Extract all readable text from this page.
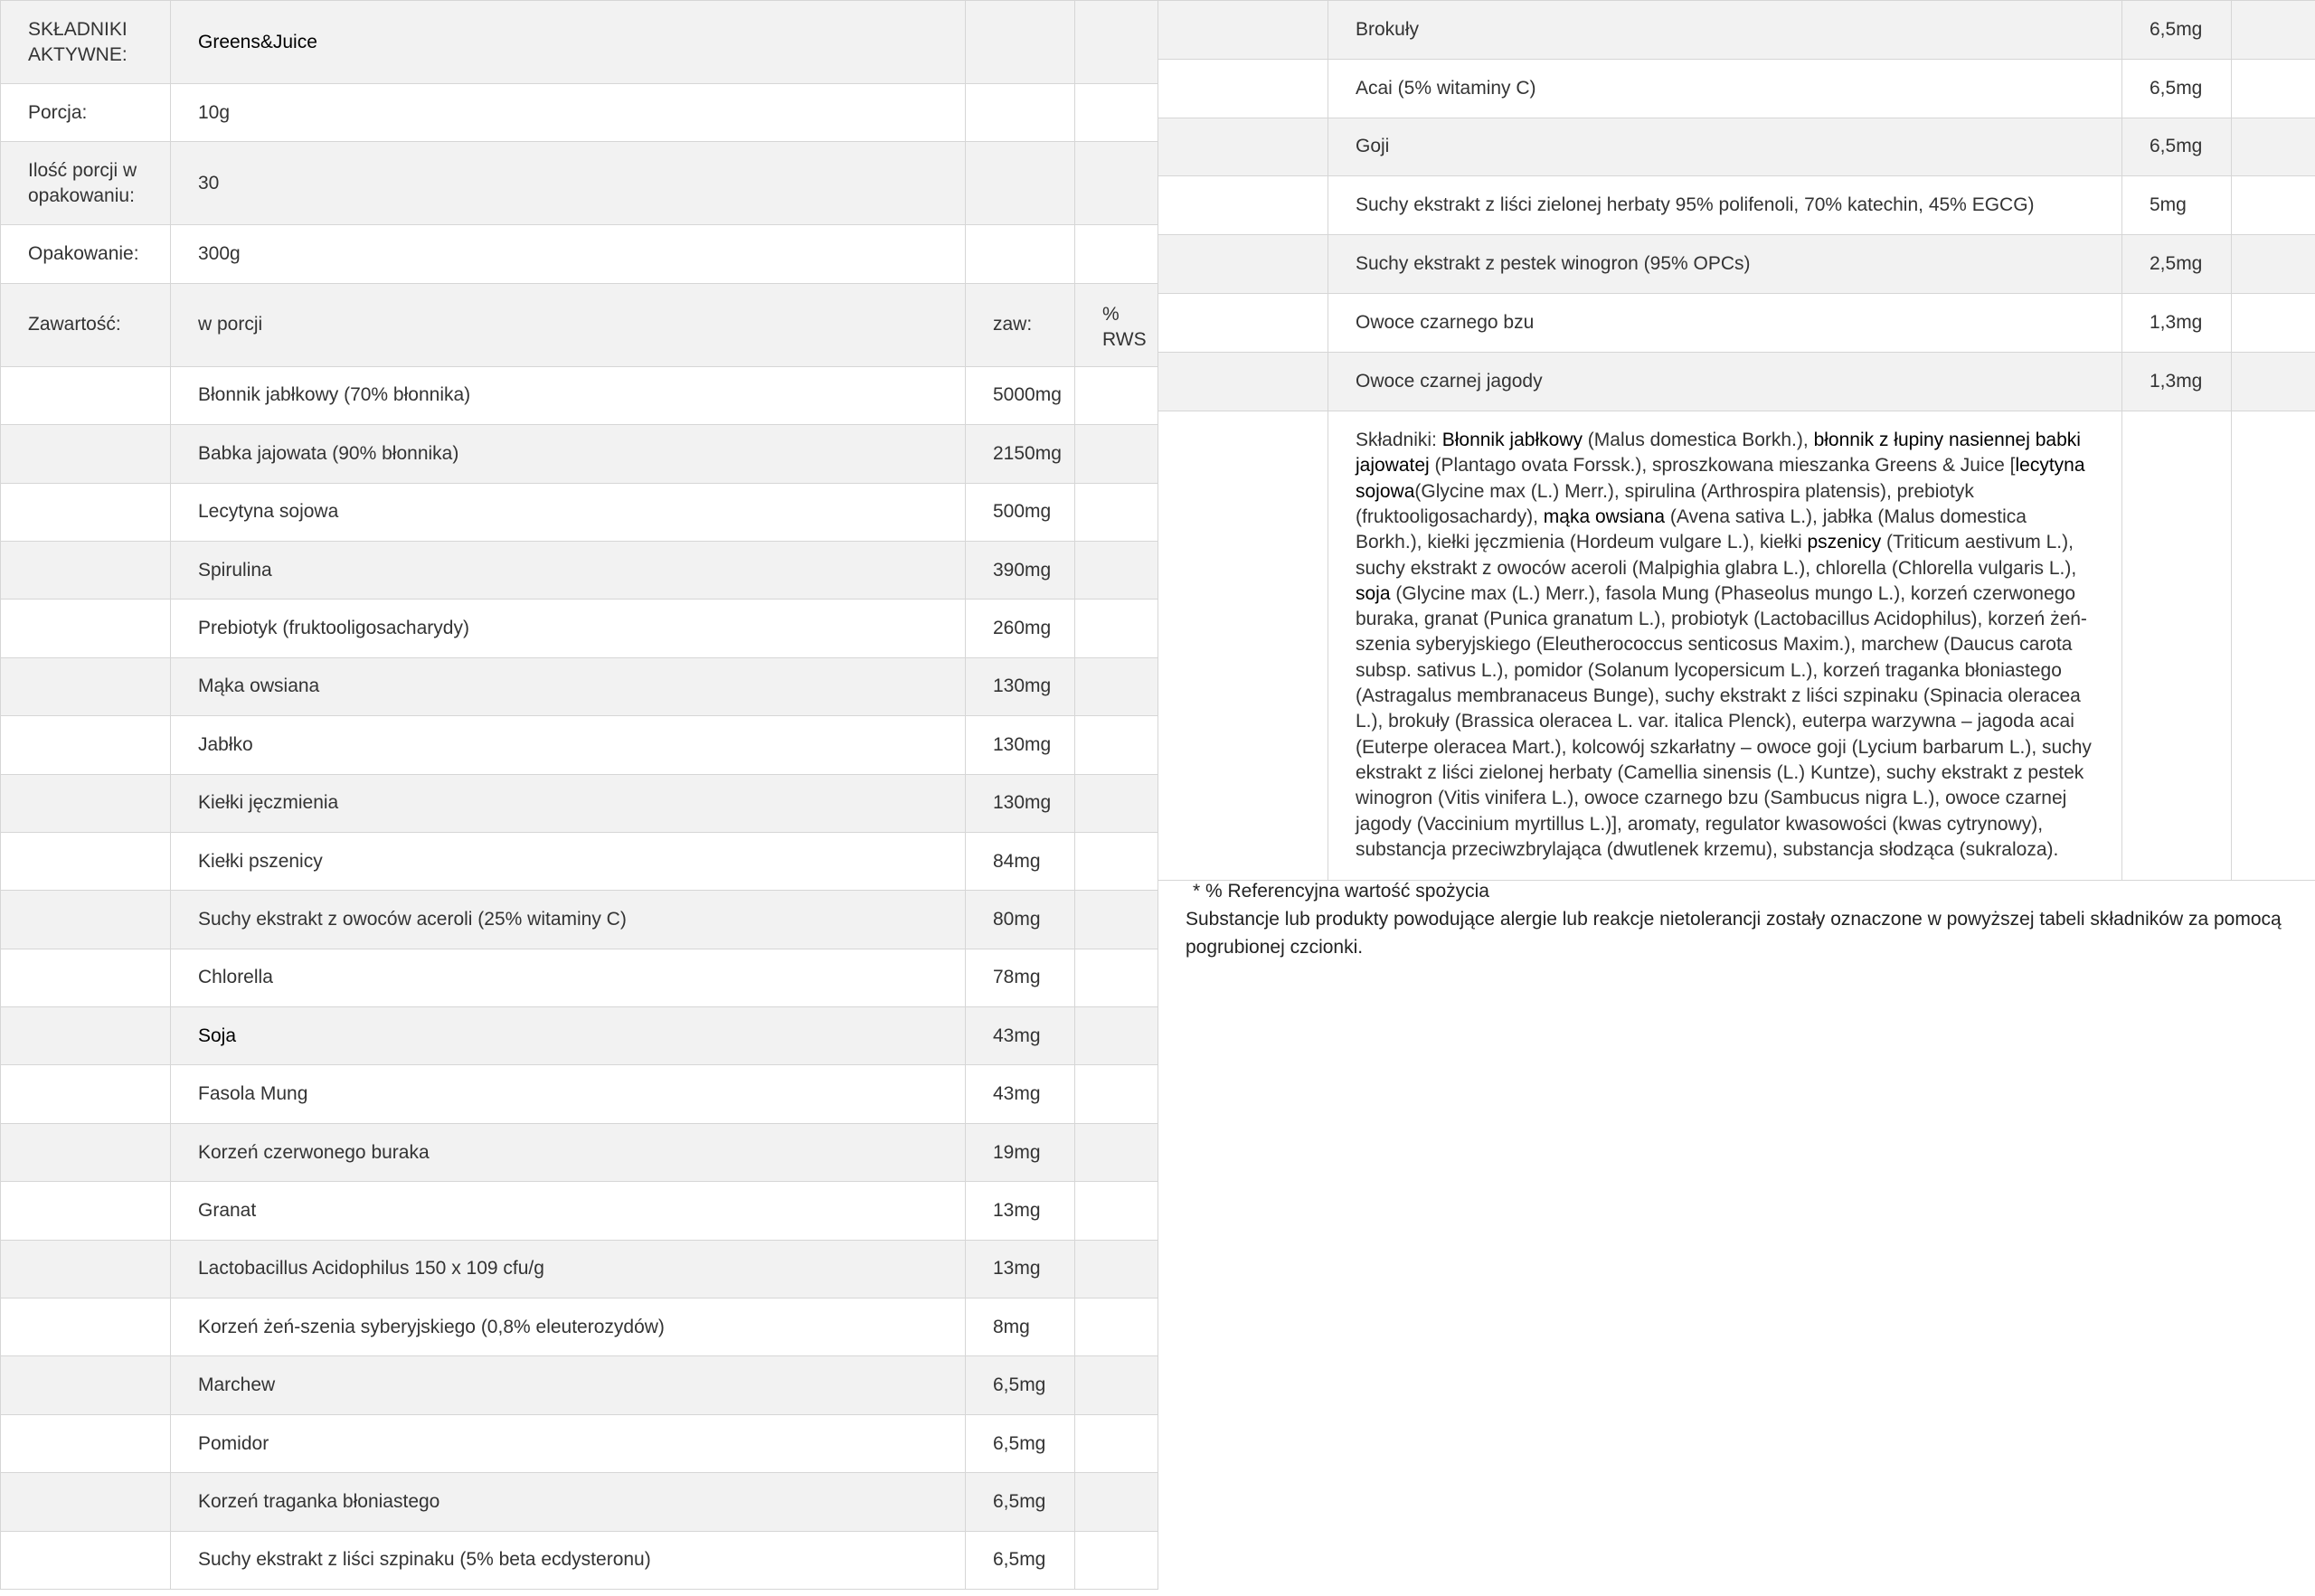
SKŁADNIKI AKTYWNE:	Greens&Juice		
Porcja:	10g		
Ilość porcji w opakowaniu:	30		
Opakowanie:	300g		
Zawartość:	w porcji	zaw:	% RWS
	Błonnik jabłkowy (70% błonnika)	5000mg	
	Babka jajowata (90% błonnika)	2150mg	
	Lecytyna sojowa	500mg	
	Spirulina	390mg	
	Prebiotyk (fruktooligosacharydy)	260mg	
	Mąka owsiana	130mg	
	Jabłko	130mg	
	Kiełki jęczmienia	130mg	
	Kiełki pszenicy	84mg	
	Suchy ekstrakt z owoców aceroli (25% witaminy C)	80mg	
	Chlorella	78mg	
	Soja	43mg	
	Fasola Mung	43mg	
	Korzeń czerwonego buraka	19mg	
	Granat	13mg	
	Lactobacillus Acidophilus 150 x 109 cfu/g	13mg	
	Korzeń żeń-szenia syberyjskiego (0,8% eleuterozydów)	8mg	
	Marchew	6,5mg	
	Pomidor	6,5mg	
	Korzeń traganka błoniastego	6,5mg	
	Suchy ekstrakt z liści szpinaku (5% beta ecdysteronu)	6,5mg	
	Brokuły	6,5mg	
	Acai (5% witaminy C)	6,5mg	
	Goji	6,5mg	
	Suchy ekstrakt z liści zielonej herbaty 95% polifenoli, 70% katechin, 45% EGCG)	5mg	
	Suchy ekstrakt z pestek winogron (95% OPCs)	2,5mg	
	Owoce czarnego bzu	1,3mg	
	Owoce czarnej jagody	1,3mg	
	Składniki: Błonnik jabłkowy (Malus domestica Borkh.), błonnik z łupiny nasiennej babki jajowatej (Plantago ovata Forssk.), sproszkowana mieszanka Greens & Juice [lecytyna sojowa(Glycine max (L.) Merr.), spirulina (Arthrospira platensis), prebiotyk (fruktooligosachardy), mąka owsiana (Avena sativa L.), jabłka (Malus domestica Borkh.), kiełki jęczmienia (Hordeum vulgare L.), kiełki pszenicy (Triticum aestivum L.), suchy ekstrakt z owoców aceroli (Malpighia glabra L.), chlorella (Chlorella vulgaris L.), soja (Glycine max (L.) Merr.), fasola Mung (Phaseolus mungo L.), korzeń czerwonego buraka, granat (Punica granatum L.), probiotyk (Lactobacillus Acidophilus), korzeń żeń-szenia syberyjskiego (Eleutherococcus senticosus Maxim.), marchew (Daucus carota subsp. sativus L.), pomidor (Solanum lycopersicum L.), korzeń traganka błoniastego (Astragalus membranaceus Bunge), suchy ekstrakt z liści szpinaku (Spinacia oleracea L.), brokuły (Brassica oleracea L. var. italica Plenck), euterpa warzywna – jagoda acai (Euterpe oleracea Mart.), kolcowój szkarłatny – owoce goji (Lycium barbarum L.), suchy ekstrakt z liści zielonej herbaty (Camellia sinensis (L.) Kuntze), suchy ekstrakt z pestek winogron (Vitis vinifera L.), owoce czarnego bzu (Sambucus nigra L.), owoce czarnej jagody (Vaccinium myrtillus L.)], aromaty, regulator kwasowości (kwas cytrynowy), substancja przeciwzbrylająca (dwutlenek krzemu), substancja słodząca (sukraloza).		
* % Referencyjna wartość spożycia
Substancje lub produkty powodujące alergie lub reakcje nietolerancji zostały oznaczone w powyższej tabeli składników za pomocą pogrubionej czcionki.
